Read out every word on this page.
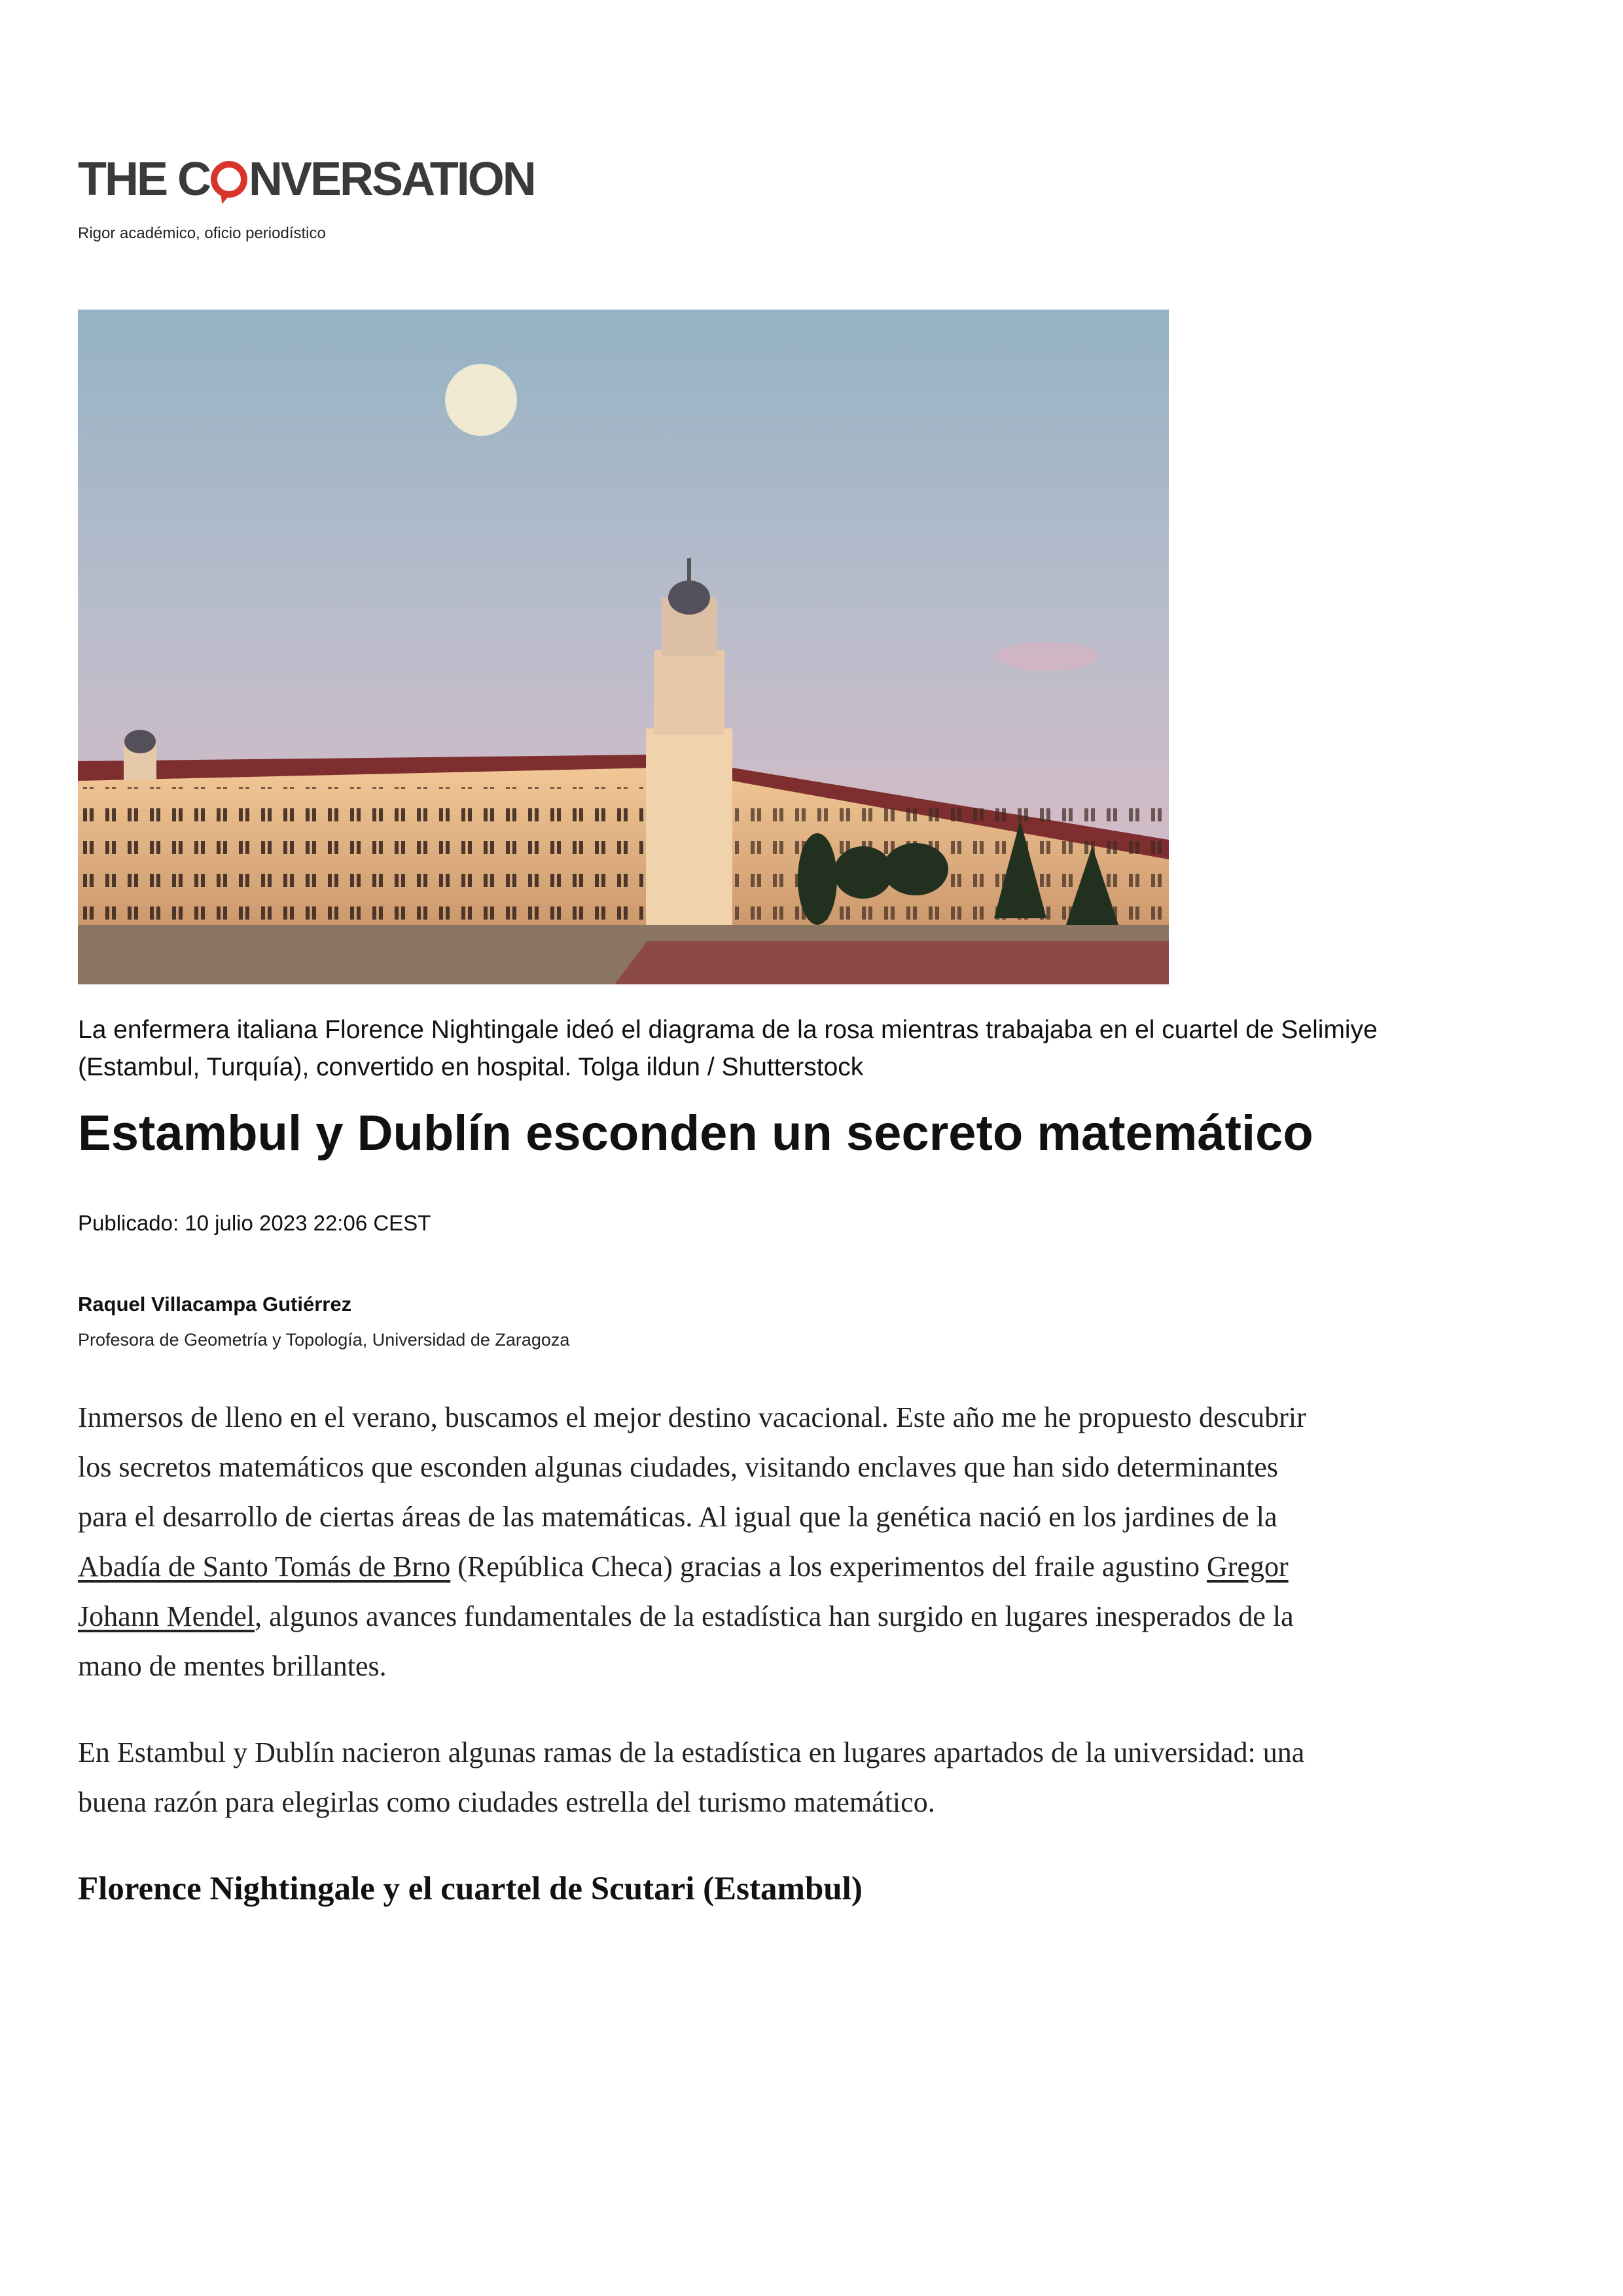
THE C NVERSATION
Rigor académico, oficio periodístico
La enfermera italiana Florence Nightingale ideó el diagrama de la rosa mientras trabajaba en el cuartel de Selimiye (Estambul, Turquía), convertido en hospital. Tolga ildun / Shutterstock
Estambul y Dublín esconden un secreto matemático
Publicado: 10 julio 2023 22:06 CEST
Raquel Villacampa Gutiérrez
Profesora de Geometría y Topología, Universidad de Zaragoza

Inmersos de lleno en el verano, buscamos el mejor destino vacacional. Este año me he propuesto descubrir los secretos matemáticos que esconden algunas ciudades, visitando enclaves que han sido determinantes para el desarrollo de ciertas áreas de las matemáticas. Al igual que la genética nació en los jardines de la Abadía de Santo Tomás de Brno (República Checa) gracias a los experimentos del fraile agustino Gregor Johann Mendel, algunos avances fundamentales de la estadística han surgido en lugares inesperados de la mano de mentes brillantes.

En Estambul y Dublín nacieron algunas ramas de la estadística en lugares apartados de la universidad: una buena razón para elegirlas como ciudades estrella del turismo matemático.

Florence Nightingale y el cuartel de Scutari (Estambul)
